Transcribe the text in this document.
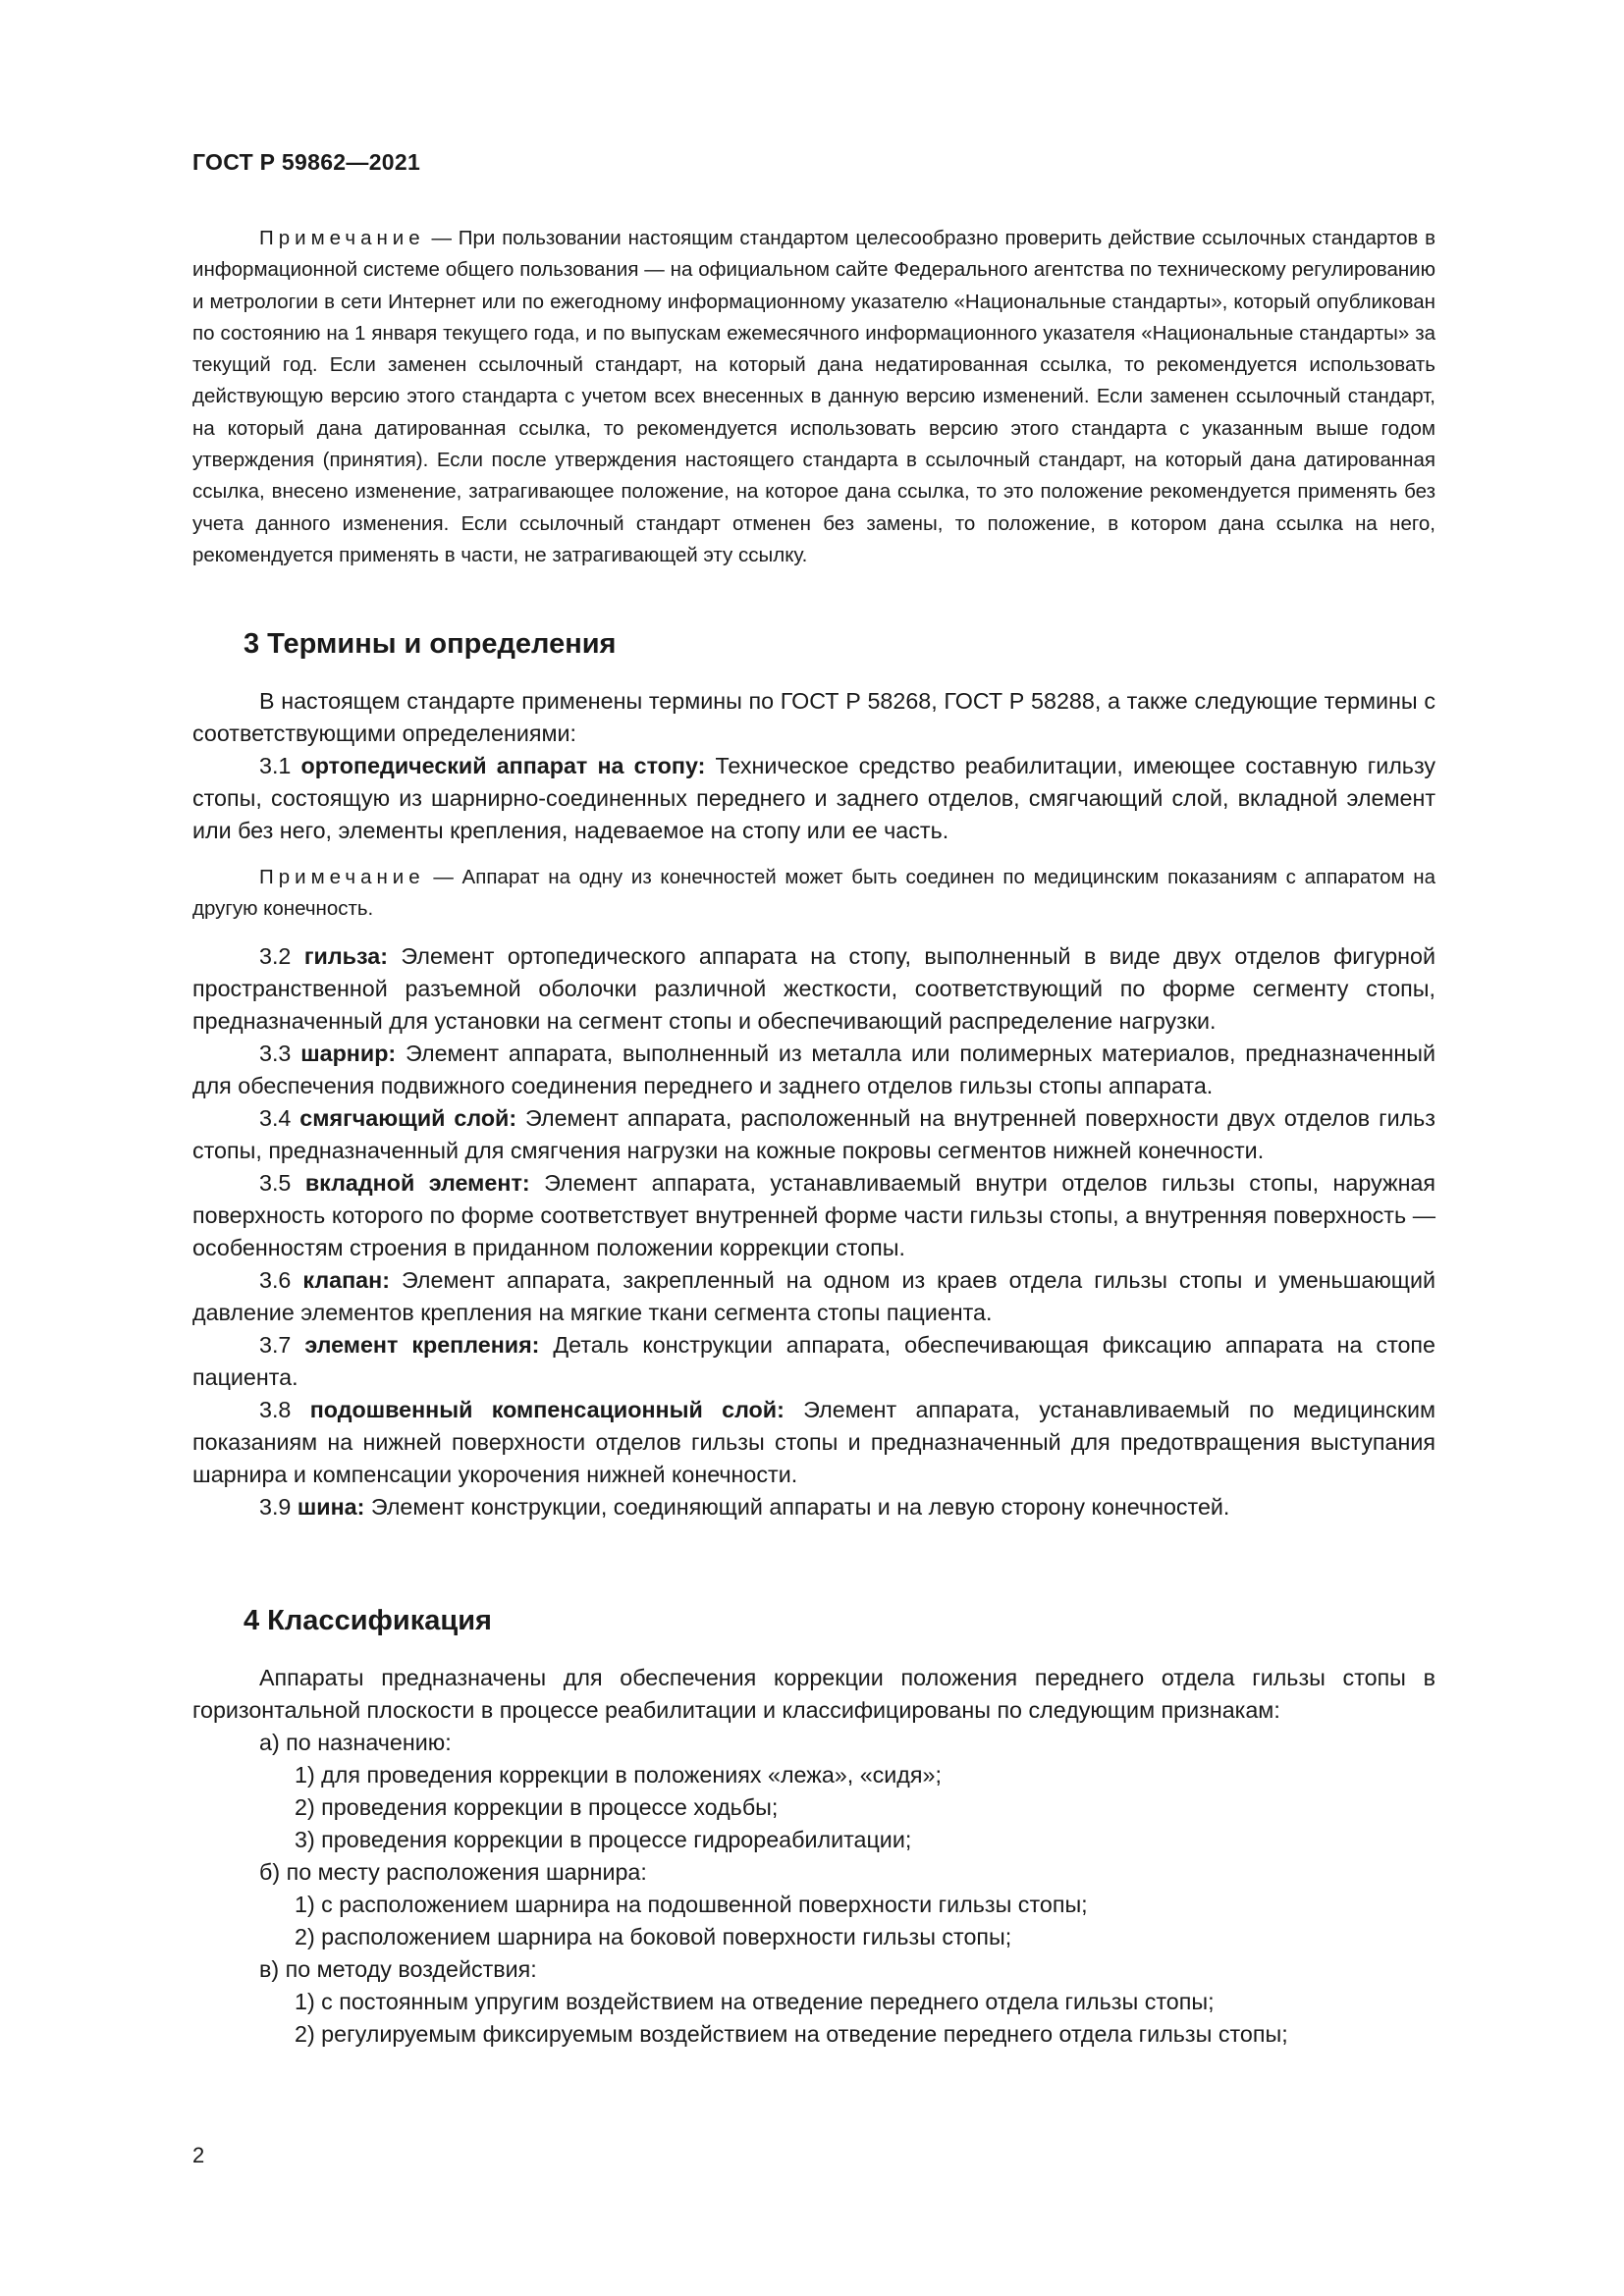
ГОСТ Р 59862—2021
Примечание — При пользовании настоящим стандартом целесообразно проверить действие ссылочных стандартов в информационной системе общего пользования — на официальном сайте Федерального агентства по техническому регулированию и метрологии в сети Интернет или по ежегодному информационному указателю «Национальные стандарты», который опубликован по состоянию на 1 января текущего года, и по выпускам ежемесячного информационного указателя «Национальные стандарты» за текущий год. Если заменен ссылочный стандарт, на который дана недатированная ссылка, то рекомендуется использовать действующую версию этого стандарта с учетом всех внесенных в данную версию изменений. Если заменен ссылочный стандарт, на который дана датированная ссылка, то рекомендуется использовать версию этого стандарта с указанным выше годом утверждения (принятия). Если после утверждения настоящего стандарта в ссылочный стандарт, на который дана датированная ссылка, внесено изменение, затрагивающее положение, на которое дана ссылка, то это положение рекомендуется применять без учета данного изменения. Если ссылочный стандарт отменен без замены, то положение, в котором дана ссылка на него, рекомендуется применять в части, не затрагивающей эту ссылку.
3 Термины и определения

В настоящем стандарте применены термины по ГОСТ Р 58268, ГОСТ Р 58288, а также следующие термины с соответствующими определениями:

3.1 ортопедический аппарат на стопу: Техническое средство реабилитации, имеющее составную гильзу стопы, состоящую из шарнирно-соединенных переднего и заднего отделов, смягчающий слой, вкладной элемент или без него, элементы крепления, надеваемое на стопу или ее часть.

Примечание — Аппарат на одну из конечностей может быть соединен по медицинским показаниям с аппаратом на другую конечность.

3.2 гильза: Элемент ортопедического аппарата на стопу, выполненный в виде двух отделов фигурной пространственной разъемной оболочки различной жесткости, соответствующий по форме сегменту стопы, предназначенный для установки на сегмент стопы и обеспечивающий распределение нагрузки.

3.3 шарнир: Элемент аппарата, выполненный из металла или полимерных материалов, предназначенный для обеспечения подвижного соединения переднего и заднего отделов гильзы стопы аппарата.

3.4 смягчающий слой: Элемент аппарата, расположенный на внутренней поверхности двух отделов гильз стопы, предназначенный для смягчения нагрузки на кожные покровы сегментов нижней конечности.

3.5 вкладной элемент: Элемент аппарата, устанавливаемый внутри отделов гильзы стопы, наружная поверхность которого по форме соответствует внутренней форме части гильзы стопы, а внутренняя поверхность — особенностям строения в приданном положении коррекции стопы.

3.6 клапан: Элемент аппарата, закрепленный на одном из краев отдела гильзы стопы и уменьшающий давление элементов крепления на мягкие ткани сегмента стопы пациента.

3.7 элемент крепления: Деталь конструкции аппарата, обеспечивающая фиксацию аппарата на стопе пациента.

3.8 подошвенный компенсационный слой: Элемент аппарата, устанавливаемый по медицинским показаниям на нижней поверхности отделов гильзы стопы и предназначенный для предотвращения выступания шарнира и компенсации укорочения нижней конечности.

3.9 шина: Элемент конструкции, соединяющий аппараты и на левую сторону конечностей.

4 Классификация

Аппараты предназначены для обеспечения коррекции положения переднего отдела гильзы стопы в горизонтальной плоскости в процессе реабилитации и классифицированы по следующим признакам:

а) по назначению:

1) для проведения коррекции в положениях «лежа», «сидя»;

2) проведения коррекции в процессе ходьбы;

3) проведения коррекции в процессе гидрореабилитации;

б) по месту расположения шарнира:

1) с расположением шарнира на подошвенной поверхности гильзы стопы;

2) расположением шарнира на боковой поверхности гильзы стопы;

в) по методу воздействия:

1) с постоянным упругим воздействием на отведение переднего отдела гильзы стопы;

2) регулируемым фиксируемым воздействием на отведение переднего отдела гильзы стопы;

2
